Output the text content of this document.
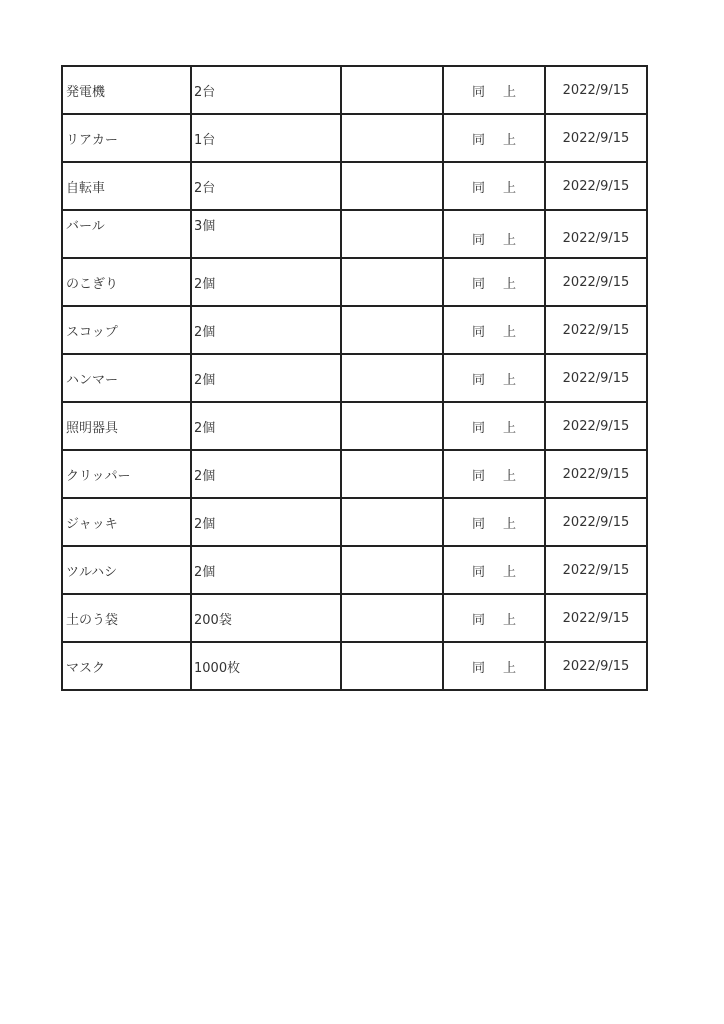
発電機	2台		同 上	2022/9/15
リアカー	1台		同 上	2022/9/15
自転車	2台		同 上	2022/9/15
バール	3個		同 上	2022/9/15
のこぎり	2個		同 上	2022/9/15
スコップ	2個		同 上	2022/9/15
ハンマー	2個		同 上	2022/9/15
照明器具	2個		同 上	2022/9/15
クリッパー	2個		同 上	2022/9/15
ジャッキ	2個		同 上	2022/9/15
ツルハシ	2個		同 上	2022/9/15
土のう袋	200袋		同 上	2022/9/15
マスク	1000枚		同 上	2022/9/15
